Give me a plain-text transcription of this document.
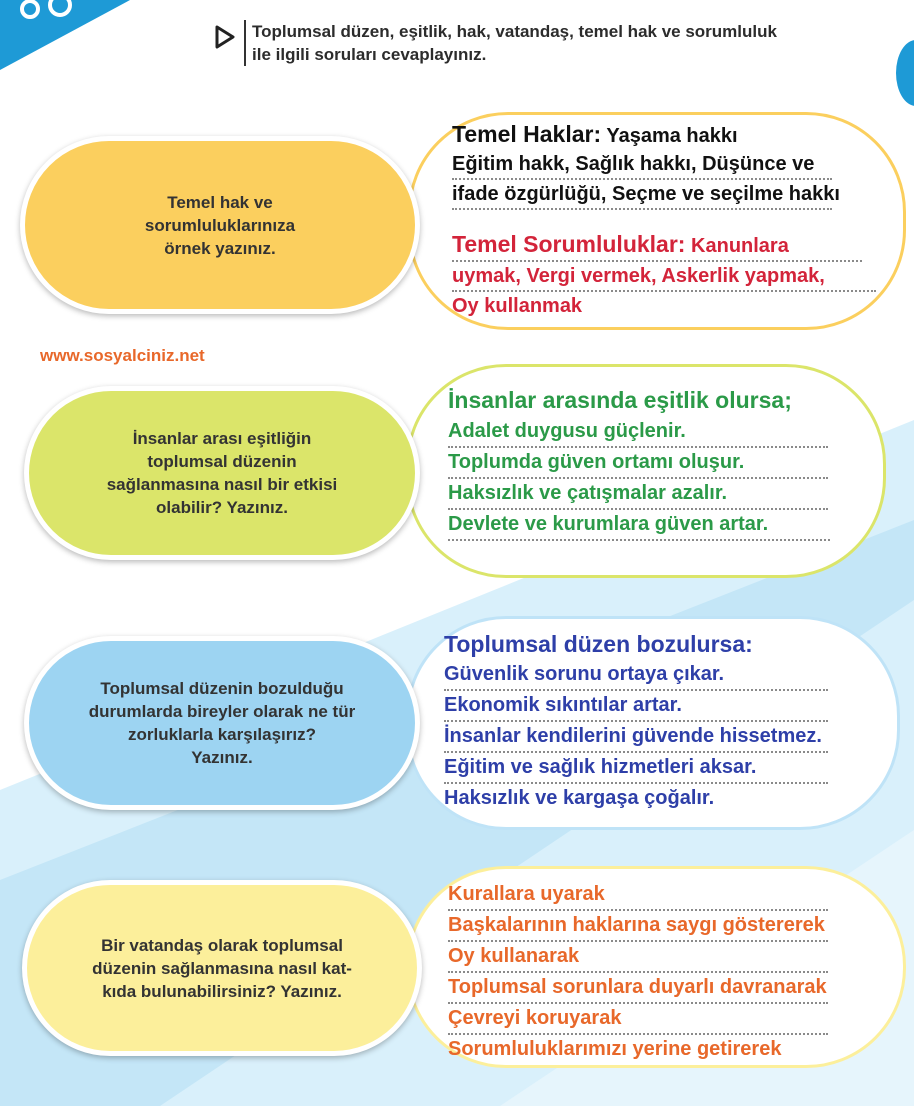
Toplumsal düzen, eşitlik, hak, vatandaş, temel hak ve sorumluluk
ile ilgili soruları cevaplayınız.
Temel hak ve
sorumluluklarınıza
örnek yazınız.
Temel Haklar: Yaşama hakkı
Eğitim hakk, Sağlık hakkı, Düşünce ve
ifade özgürlüğü, Seçme ve seçilme hakkı
Temel Sorumluluklar: Kanunlara
uymak, Vergi vermek, Askerlik yapmak,
Oy kullanmak
www.sosyalciniz.net
İnsanlar arası eşitliğin
toplumsal düzenin
sağlanmasına nasıl bir etkisi
olabilir? Yazınız.
İnsanlar arasında eşitlik olursa;
Adalet duygusu güçlenir.
Toplumda güven ortamı oluşur.
Haksızlık ve çatışmalar azalır.
Devlete ve kurumlara güven artar.
Toplumsal düzenin bozulduğu
durumlarda bireyler olarak ne tür
zorluklarla karşılaşırız?
Yazınız.
Toplumsal düzen bozulursa:
Güvenlik sorunu ortaya çıkar.
Ekonomik sıkıntılar artar.
İnsanlar kendilerini güvende hissetmez.
Eğitim ve sağlık hizmetleri aksar.
Haksızlık ve kargaşa çoğalır.
Bir vatandaş olarak toplumsal
düzenin sağlanmasına nasıl kat-
kıda bulunabilirsiniz? Yazınız.
Kurallara uyarak
Başkalarının haklarına saygı göstererek
Oy kullanarak
Toplumsal sorunlara duyarlı davranarak
Çevreyi koruyarak
Sorumluluklarımızı yerine getirerek
